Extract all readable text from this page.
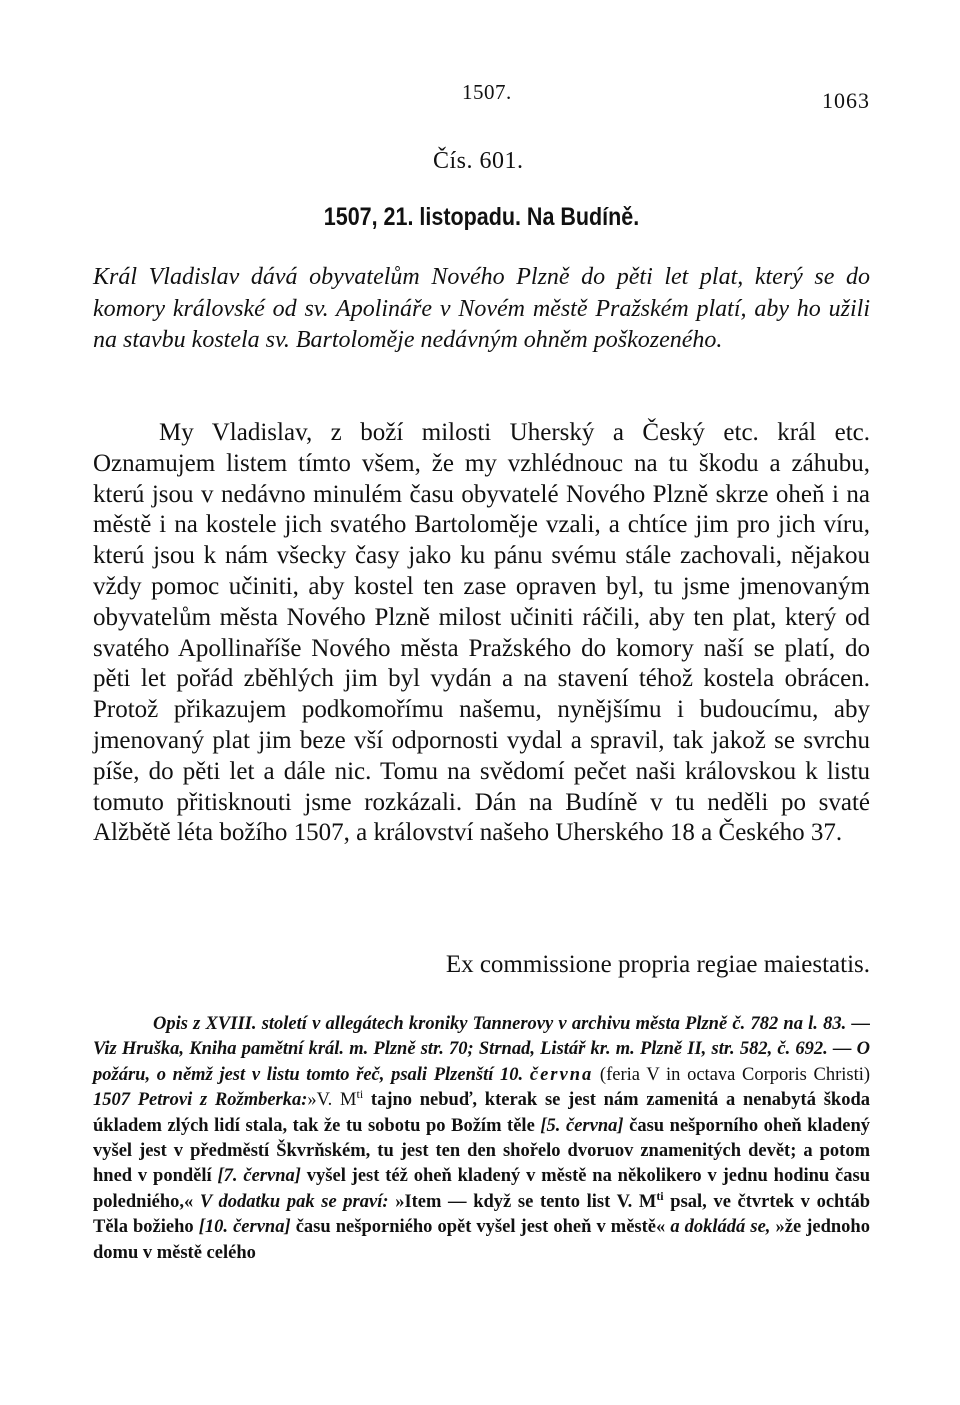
1507.	1063
Čís. 601.
1507, 21. listopadu. Na Budíně.

Král Vladislav dává obyvatelům Nového Plzně do pěti let plat, který se do komory královské od sv. Apolináře v Novém městě Pražském platí, aby ho užili na stavbu kostela sv. Bartoloměje nedávným ohněm poškozeného.

My Vladislav, z boží milosti Uherský a Český etc. král etc. Oznamujem listem tímto všem, že my vzhlédnouc na tu škodu a záhubu, kterú jsou v nedávno minulém času obyvatelé Nového Plzně skrze oheň i na městě i na kostele jich svatého Bartoloměje vzali, a chtíce jim pro jich víru, kterú jsou k nám všecky časy jako ku pánu svému stále zachovali, nějakou vždy pomoc učiniti, aby kostel ten zase opraven byl, tu jsme jmenovaným obyvatelům města Nového Plzně milost učiniti ráčili, aby ten plat, který od svatého Apollinaříše Nového města Pražského do komory naší se platí, do pěti let pořád zběhlých jim byl vydán a na stavení téhož kostela obrácen. Protož přikazujem podkomořímu našemu, nynějšímu i budoucímu, aby jmenovaný plat jim beze vší odpornosti vydal a spravil, tak jakož se svrchu píše, do pěti let a dále nic. Tomu na svědomí pečet naši královskou k listu tomuto přitisknouti jsme rozkázali. Dán na Budíně v tu neděli po svaté Alžbětě léta božího 1507, a království našeho Uherského 18 a Českého 37.

Ex commissione propria regiae maiestatis.

Opis z XVIII. století v allegátech kroniky Tannerovy v archivu města Plzně č. 782 na l. 83. — Viz Hruška, Kniha pamětní král. m. Plzně str. 70; Strnad, Listář kr. m. Plzně II, str. 582, č. 692. — O požáru, o němž jest v listu tomto řeč, psali Plzenští 10. června (feria V in octava Corporis Christi) 1507 Petrovi z Rožmberka:»V. $M^{ti}$ tajno nebuď, kterak se jest nám zamenitá a nenabytá škoda úkladem zlých lidí stala, tak že tu sobotu po Božím těle [5. června] času nešporního oheň kladený vyšel jest v předměstí Škvrňském, tu jest ten den shořelo dvoruov znamenitých devět; a potom hned v pondělí [7. června] vyšel jest též oheň kladený v městě na několikero v jednu hodinu času poledniého,« V dodatku pak se praví: »Item — když se tento list V. $M^{ti}$ psal, ve čtvrtek v ochtáb Těla božieho [10. června] času nešporniého opět vyšel jest oheň v městě« a dokládá se, »že jednoho domu v městě celého
